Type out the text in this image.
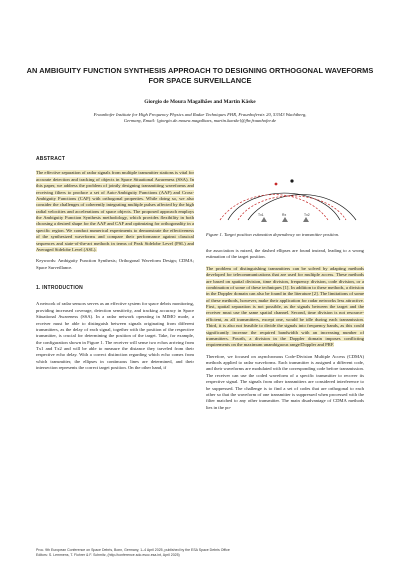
AN AMBIGUITY FUNCTION SYNTHESIS APPROACH TO DESIGNING ORTHOGONAL WAVEFORMS FOR SPACE SURVEILLANCE
Giorgio de Moura Magalhães and Martin Käske
Fraunhofer Institute for High Frequency Physics and Radar Techniques FHR, Fraunhoferstr. 20, 53343 Wachtberg,
Germany, Email: {giorgio.de.moura.magalhaes, martin.kaeske}@fhr.fraunhofer.de
ABSTRACT

The effective separation of radar signals from multiple transmitter stations is vital for accurate detection and tracking of objects in Space Situational Awareness (SSA). In this paper, we address the problem of jointly designing transmitting waveforms and receiving filters to produce a set of Auto-Ambiguity Functions (AAF) and Cross-Ambiguity Functions (CAF) with orthogonal properties. While doing so, we also consider the challenges of coherently integrating multiple pulses affected by the high radial velocities and accelerations of space objects. The proposed approach employs the Ambiguity Function Synthesis methodology, which provides flexibility in both choosing a desired shape for the AAF and CAF and optimizing for orthogonality in a specific region. We conduct numerical experiments to demonstrate the effectiveness of the synthesized waveforms and compare their performance against classical sequences and state-of-the-art methods in terms of Peak Sidelobe Level (PSL) and Averaged Sidelobe Level (ASL).

Keywords: Ambiguity Function Synthesis; Orthogonal Waveform Design; CDMA; Space Surveillance.

1. INTRODUCTION

A network of radar sensors serves as an effective system for space debris monitoring, providing increased coverage, detection sensitivity, and tracking accuracy in Space Situational Awareness (SSA). In a radar network operating in MIMO mode, a receiver must be able to distinguish between signals originating from different transmitters, as the delay of each signal, together with the position of the respective transmitter, is crucial for determining the position of the target. Take, for example, the configuration shown in Figure 1. The receiver will sense two echos arriving from Tx1 and Tx2 and will be able to measure the distance they traveled from their respective echo delay. With a correct distinction regarding which echo comes from which transmitter, the ellipses in continuous lines are determined, and their intersection represents the correct target position. On the other hand, if

Tx1	Rx	Tx2
Figure 1. Target position estimation dependency on transmitter position.

the association is mixed, the dashed ellipses are found instead, leading to a wrong estimation of the target position.

The problem of distinguishing transmitters can be solved by adapting methods developed for telecommunications that are used for multiple access. These methods are based on spatial division, time division, frequency division, code division, or a combination of some of these techniques [1]. In addition to these methods, a division in the Doppler domain can also be found in the literature [2]. The limitations of some of these methods, however, make their application for radar networks less attractive. First, spatial separation is not possible, as the signals between the target and the receiver must use the same spatial channel. Second, time division is not resource-efficient, as all transmitters, except one, would be idle during each transmission. Third, it is also not feasible to divide the signals into frequency bands, as this could significantly increase the required bandwidth with an increasing number of transmitters. Fourth, a division in the Doppler domain imposes conflicting requirements on the maximum unambiguous range/Doppler and PRF.

Therefore, we focused on asynchronous Code-Division Multiple Access (CDMA) methods applied to radar waveforms. Each transmitter is assigned a different code, and their waveforms are modulated with the corresponding code before transmission. The receiver can use the coded waveform of a specific transmitter to recover its respective signal. The signals from other transmitters are considered interference to be suppressed. The challenge is to find a set of codes that are orthogonal to each other so that the waveform of one transmitter is suppressed when processed with the filter matched to any other transmitter. The main disadvantage of CDMA methods lies in the po-

Proc. 9th European Conference on Space Debris, Bonn, Germany, 1–4 April 2025, published by the ESA Space Debris Office
Editors: S. Lemmens, T. Flohrer & F. Schmitz, (http://conference.sdo.esoc.esa.int, April 2025)
